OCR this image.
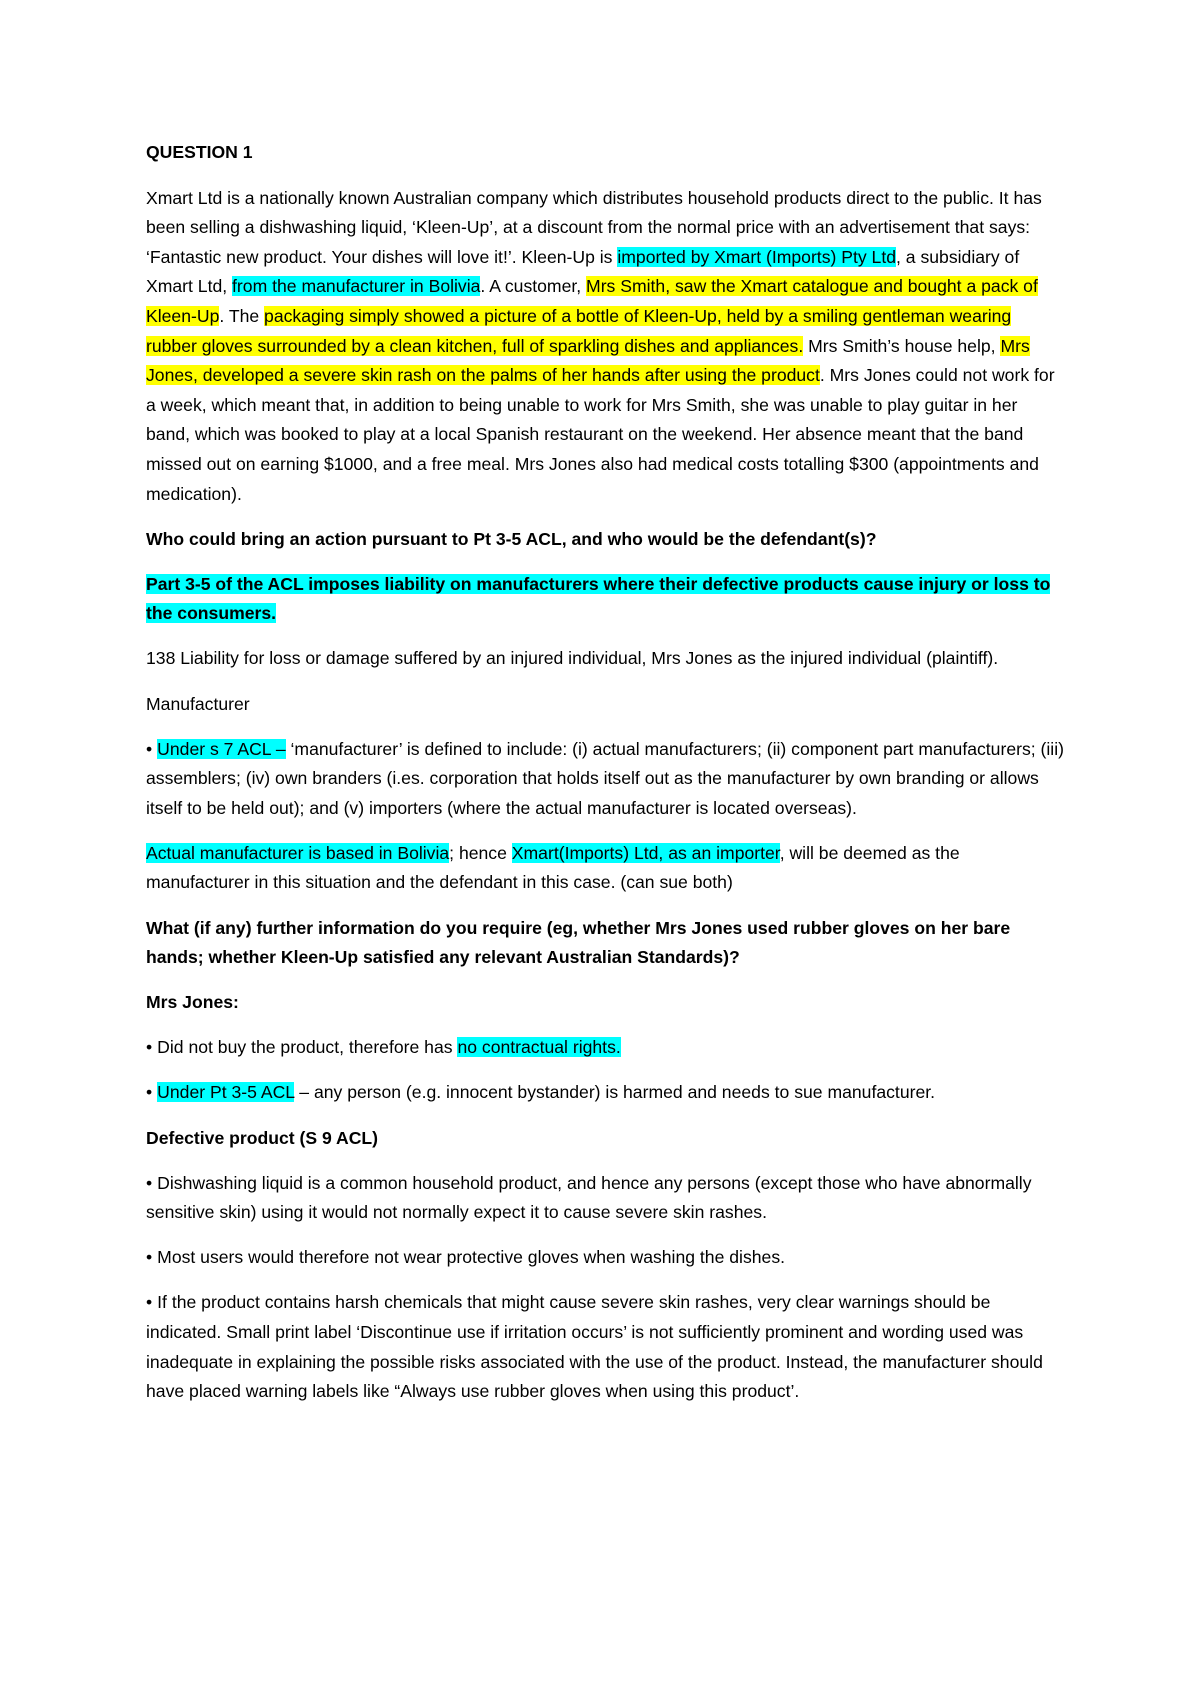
QUESTION 1

Xmart Ltd is a nationally known Australian company which distributes household products direct to the public. It has been selling a dishwashing liquid, ‘Kleen-Up’, at a discount from the normal price with an advertisement that says: ‘Fantastic new product. Your dishes will love it!’. Kleen-Up is imported by Xmart (Imports) Pty Ltd, a subsidiary of Xmart Ltd, from the manufacturer in Bolivia. A customer, Mrs Smith, saw the Xmart catalogue and bought a pack of Kleen-Up. The packaging simply showed a picture of a bottle of Kleen-Up, held by a smiling gentleman wearing rubber gloves surrounded by a clean kitchen, full of sparkling dishes and appliances. Mrs Smith’s house help, Mrs Jones, developed a severe skin rash on the palms of her hands after using the product. Mrs Jones could not work for a week, which meant that, in addition to being unable to work for Mrs Smith, she was unable to play guitar in her band, which was booked to play at a local Spanish restaurant on the weekend. Her absence meant that the band missed out on earning $1000, and a free meal. Mrs Jones also had medical costs totalling $300 (appointments and medication).

Who could bring an action pursuant to Pt 3-5 ACL, and who would be the defendant(s)?

Part 3-5 of the ACL imposes liability on manufacturers where their defective products cause injury or loss to the consumers.

138 Liability for loss or damage suffered by an injured individual, Mrs Jones as the injured individual (plaintiff).

Manufacturer

• Under s 7 ACL – ‘manufacturer’ is defined to include: (i) actual manufacturers; (ii) component part manufacturers; (iii) assemblers; (iv) own branders (i.es. corporation that holds itself out as the manufacturer by own branding or allows itself to be held out); and (v) importers (where the actual manufacturer is located overseas).

Actual manufacturer is based in Bolivia; hence Xmart(Imports) Ltd, as an importer, will be deemed as the manufacturer in this situation and the defendant in this case. (can sue both)

What (if any) further information do you require (eg, whether Mrs Jones used rubber gloves on her bare hands; whether Kleen-Up satisfied any relevant Australian Standards)?

Mrs Jones:

• Did not buy the product, therefore has no contractual rights.

• Under Pt 3-5 ACL – any person (e.g. innocent bystander) is harmed and needs to sue manufacturer.

Defective product (S 9 ACL)

• Dishwashing liquid is a common household product, and hence any persons (except those who have abnormally sensitive skin) using it would not normally expect it to cause severe skin rashes.

• Most users would therefore not wear protective gloves when washing the dishes.

• If the product contains harsh chemicals that might cause severe skin rashes, very clear warnings should be indicated. Small print label ‘Discontinue use if irritation occurs’ is not sufficiently prominent and wording used was inadequate in explaining the possible risks associated with the use of the product. Instead, the manufacturer should have placed warning labels like “Always use rubber gloves when using this product’.
